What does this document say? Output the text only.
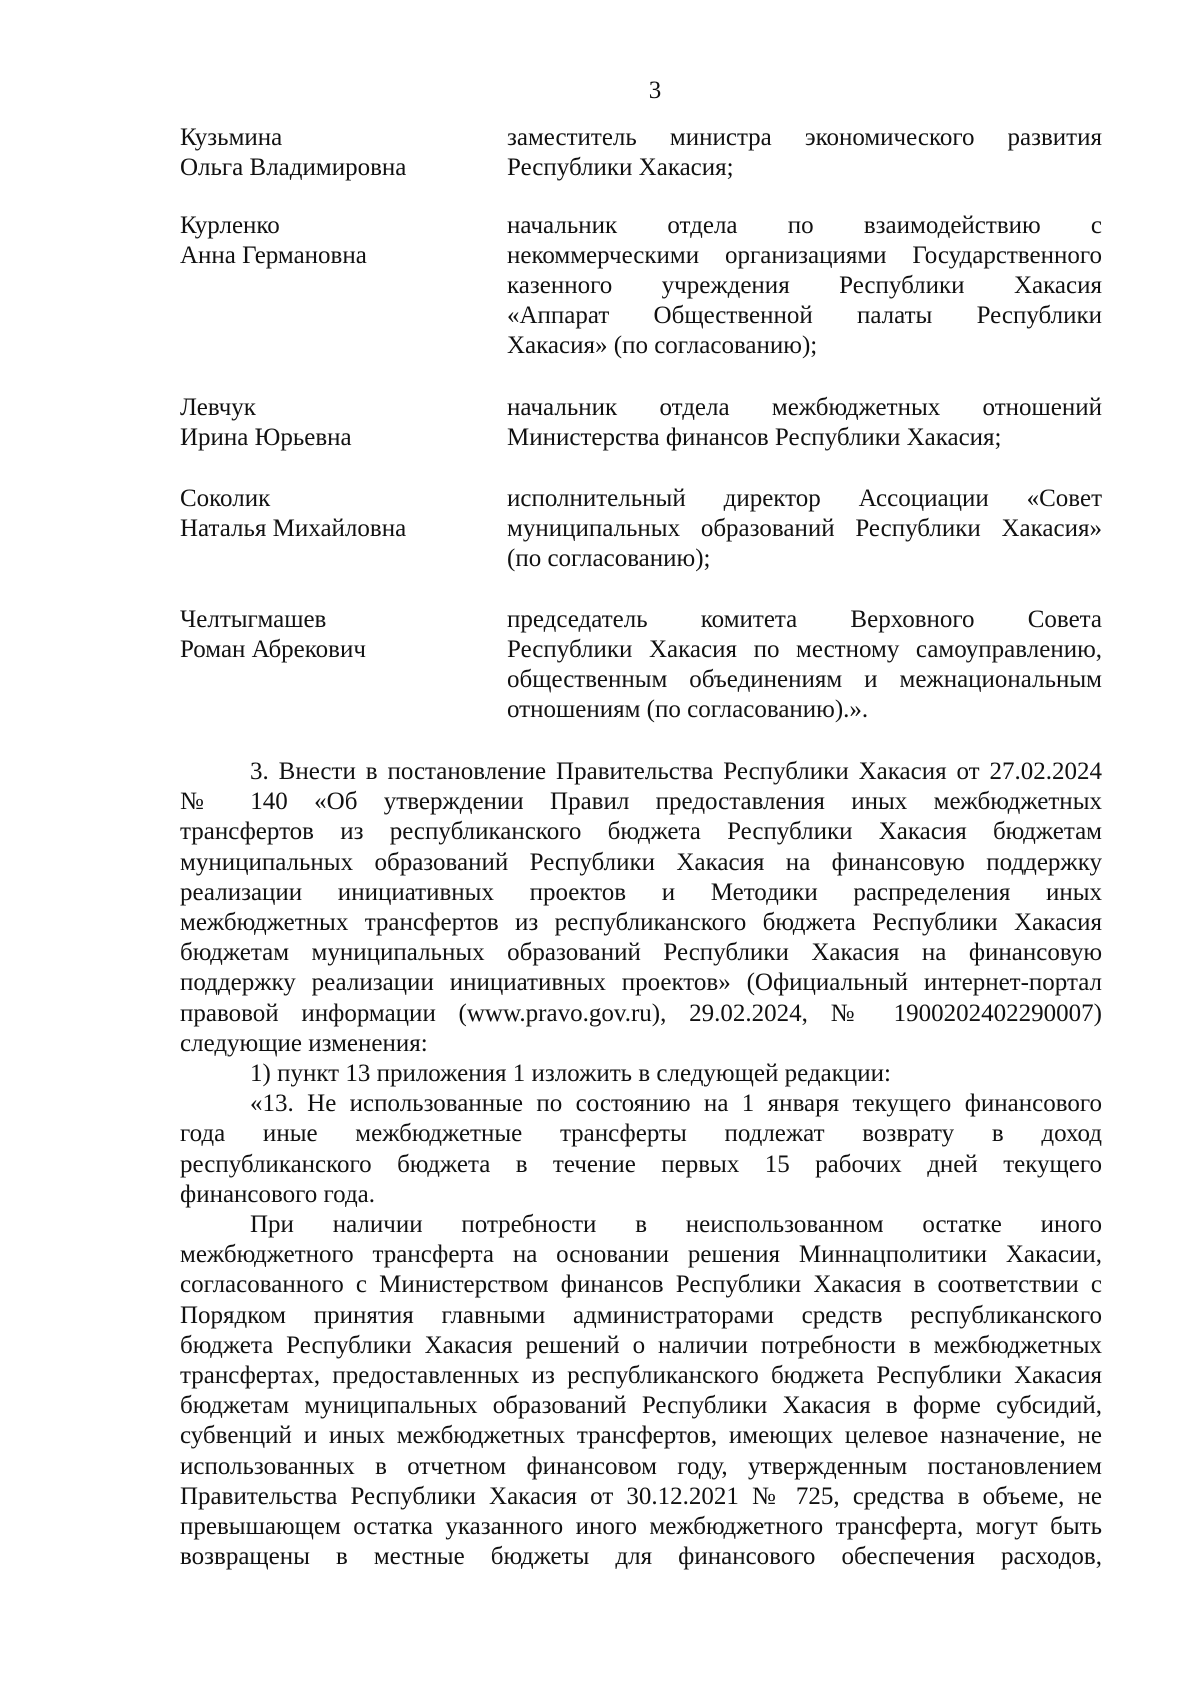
3
Кузьмина
Ольга Владимировна
заместитель министра экономического развития
Республики Хакасия;
Курленко
Анна Германовна
начальник отдела по взаимодействию с
некоммерческими организациями Государственного
казенного учреждения Республики Хакасия
«Аппарат Общественной палаты Республики
Хакасия» (по согласованию);
Левчук
Ирина Юрьевна
начальник отдела межбюджетных отношений
Министерства финансов Республики Хакасия;
Соколик
Наталья Михайловна
исполнительный директор Ассоциации «Совет
муниципальных образований Республики Хакасия»
(по согласованию);
Челтыгмашев
Роман Абрекович
председатель комитета Верховного Совета
Республики Хакасия по местному самоуправлению,
общественным объединениям и межнациональным
отношениям (по согласованию).».
3. Внести в постановление Правительства Республики Хакасия от 27.02.2024
№ 140 «Об утверждении Правил предоставления иных межбюджетных
трансфертов из республиканского бюджета Республики Хакасия бюджетам
муниципальных образований Республики Хакасия на финансовую поддержку
реализации инициативных проектов и Методики распределения иных
межбюджетных трансфертов из республиканского бюджета Республики Хакасия
бюджетам муниципальных образований Республики Хакасия на финансовую
поддержку реализации инициативных проектов» (Официальный интернет-портал
правовой информации (www.pravo.gov.ru), 29.02.2024, № 1900202402290007)
следующие изменения:
1) пункт 13 приложения 1 изложить в следующей редакции:
«13. Не использованные по состоянию на 1 января текущего финансового
года иные межбюджетные трансферты подлежат возврату в доход
республиканского бюджета в течение первых 15 рабочих дней текущего
финансового года.
При наличии потребности в неиспользованном остатке иного
межбюджетного трансферта на основании решения Миннацполитики Хакасии,
согласованного с Министерством финансов Республики Хакасия в соответствии с
Порядком принятия главными администраторами средств республиканского
бюджета Республики Хакасия решений о наличии потребности в межбюджетных
трансфертах, предоставленных из республиканского бюджета Республики Хакасия
бюджетам муниципальных образований Республики Хакасия в форме субсидий,
субвенций и иных межбюджетных трансфертов, имеющих целевое назначение, не
использованных в отчетном финансовом году, утвержденным постановлением
Правительства Республики Хакасия от 30.12.2021 № 725, средства в объеме, не
превышающем остатка указанного иного межбюджетного трансферта, могут быть
возвращены в местные бюджеты для финансового обеспечения расходов,
